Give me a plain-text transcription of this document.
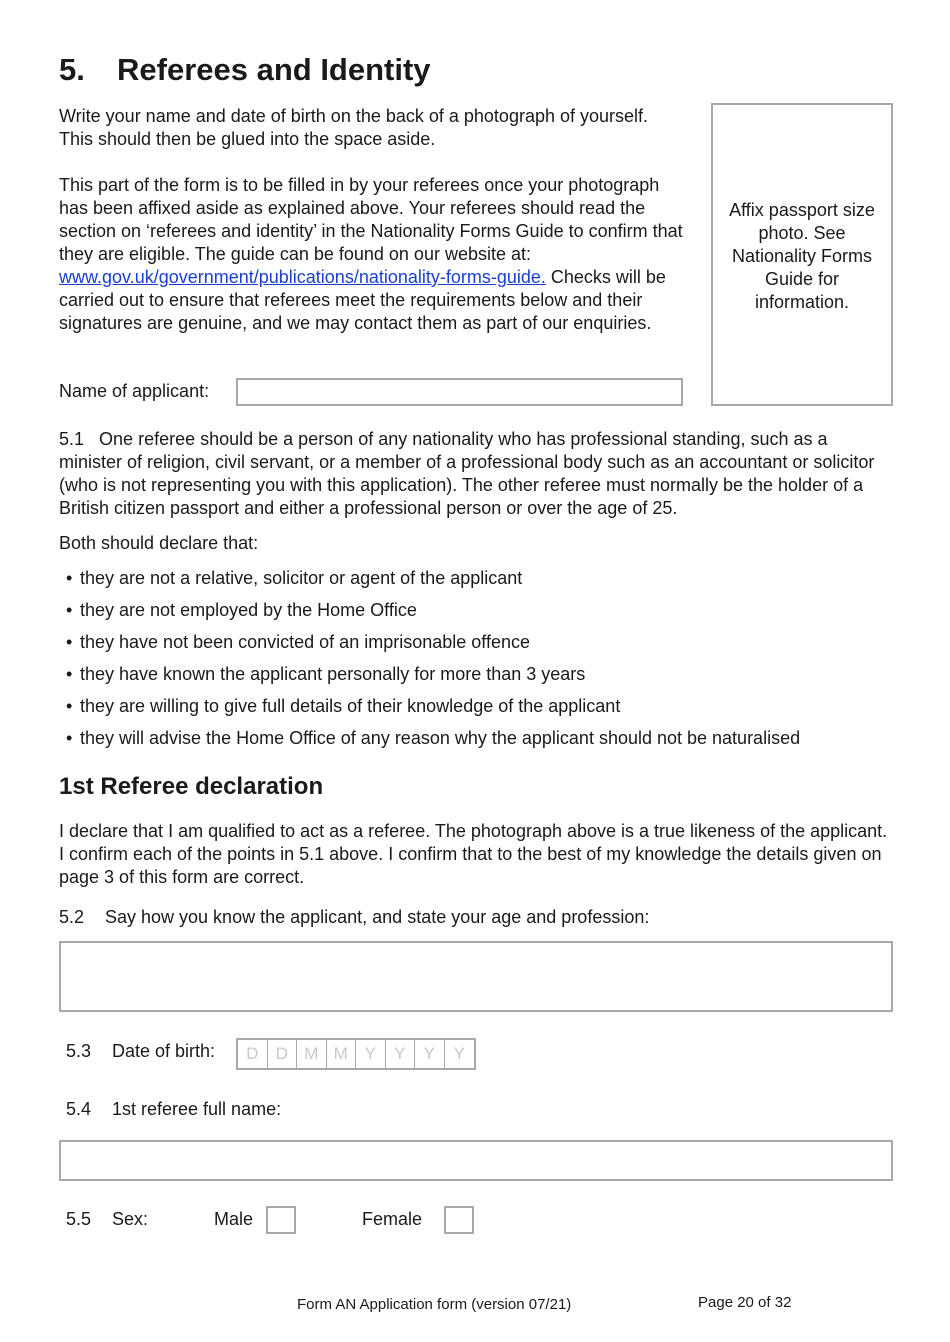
5. Referees and Identity

Write your name and date of birth on the back of a photograph of yourself. This should then be glued into the space aside.

This part of the form is to be filled in by your referees once your photograph has been affixed aside as explained above. Your referees should read the section on ‘referees and identity’ in the Nationality Forms Guide to confirm that they are eligible. The guide can be found on our website at: www.gov.uk/government/publications/nationality-forms-guide. Checks will be carried out to ensure that referees meet the requirements below and their signatures are genuine, and we may contact them as part of our enquiries.

Affix passport size photo. See Nationality Forms Guide for information.
Name of applicant:

5.1 One referee should be a person of any nationality who has professional standing, such as a minister of religion, civil servant, or a member of a professional body such as an accountant or solicitor (who is not representing you with this application). The other referee must normally be the holder of a British citizen passport and either a professional person or over the age of 25.

Both should declare that:

• they are not a relative, solicitor or agent of the applicant
• they are not employed by the Home Office
• they have not been convicted of an imprisonable offence
• they have known the applicant personally for more than 3 years
• they are willing to give full details of their knowledge of the applicant
• they will advise the Home Office of any reason why the applicant should not be naturalised
1st Referee declaration

I declare that I am qualified to act as a referee. The photograph above is a true likeness of the applicant. I confirm each of the points in 5.1 above. I confirm that to the best of my knowledge the details given on page 3 of this form are correct.

5.2 Say how you know the applicant, and state your age and profession:

5.3 Date of birth:	D	D M M Y	Y	Y	Y

5.4 1st referee full name:

5.5 Sex:	Male	Female
Form AN Application form (version 07/21)	Page 20 of 32
